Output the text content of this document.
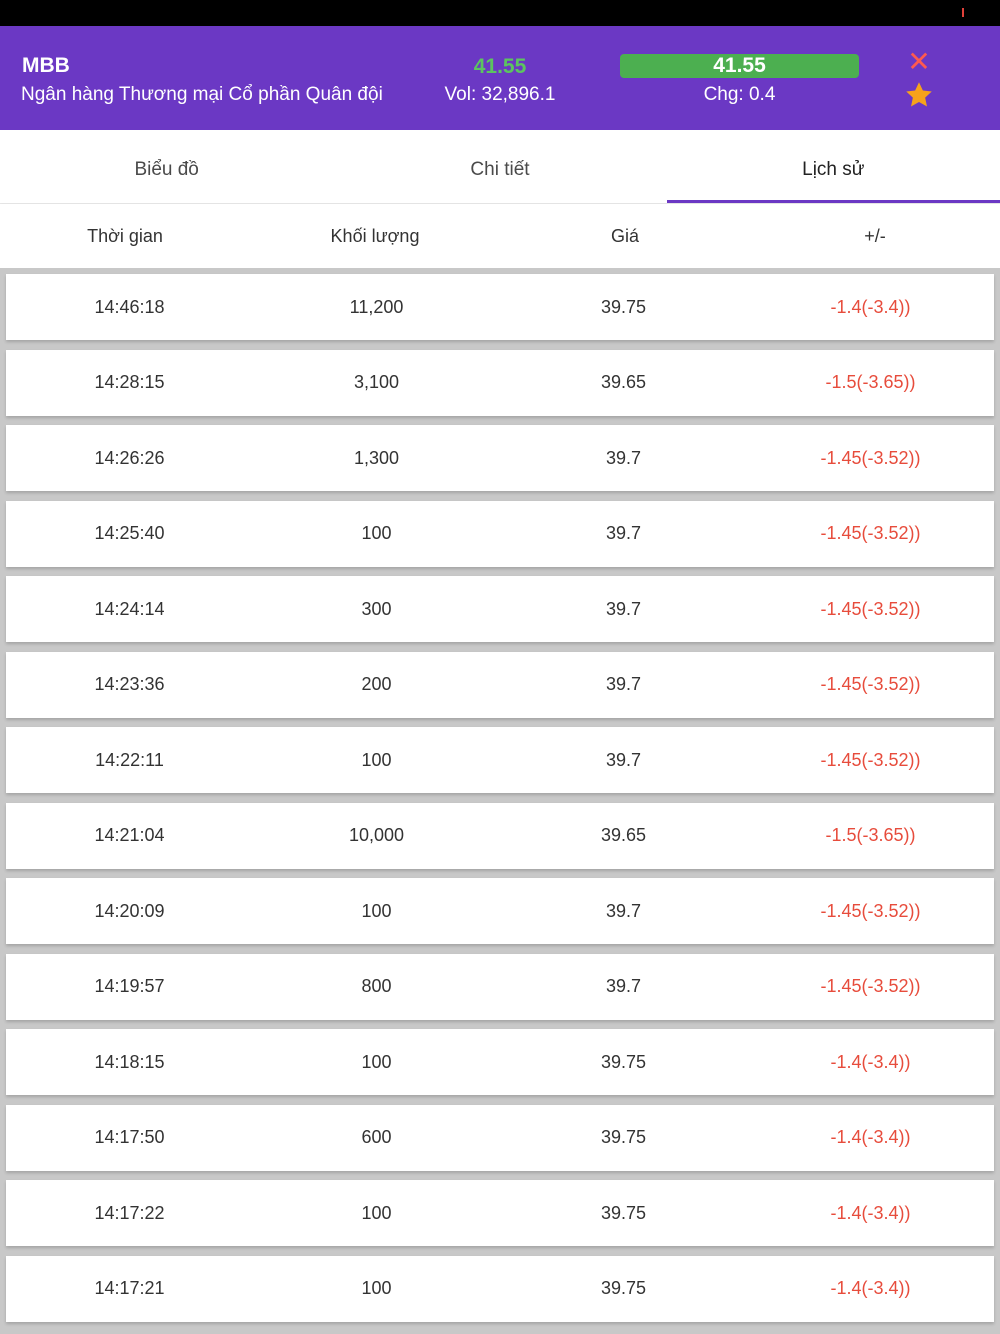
MBB
Ngân hàng Thương mại Cổ phần Quân đội
41.55
Vol: 32,896.1
41.55
Chg: 0.4
✕
Biểu đồ	Chi tiết	Lịch sử
Thời gian	Khối lượng	Giá	+/-
14:46:18	11,200	39.75	-1.4(-3.4))
14:28:15	3,100	39.65	-1.5(-3.65))
14:26:26	1,300	39.7	-1.45(-3.52))
14:25:40	100	39.7	-1.45(-3.52))
14:24:14	300	39.7	-1.45(-3.52))
14:23:36	200	39.7	-1.45(-3.52))
14:22:11	100	39.7	-1.45(-3.52))
14:21:04	10,000	39.65	-1.5(-3.65))
14:20:09	100	39.7	-1.45(-3.52))
14:19:57	800	39.7	-1.45(-3.52))
14:18:15	100	39.75	-1.4(-3.4))
14:17:50	600	39.75	-1.4(-3.4))
14:17:22	100	39.75	-1.4(-3.4))
14:17:21	100	39.75	-1.4(-3.4))
